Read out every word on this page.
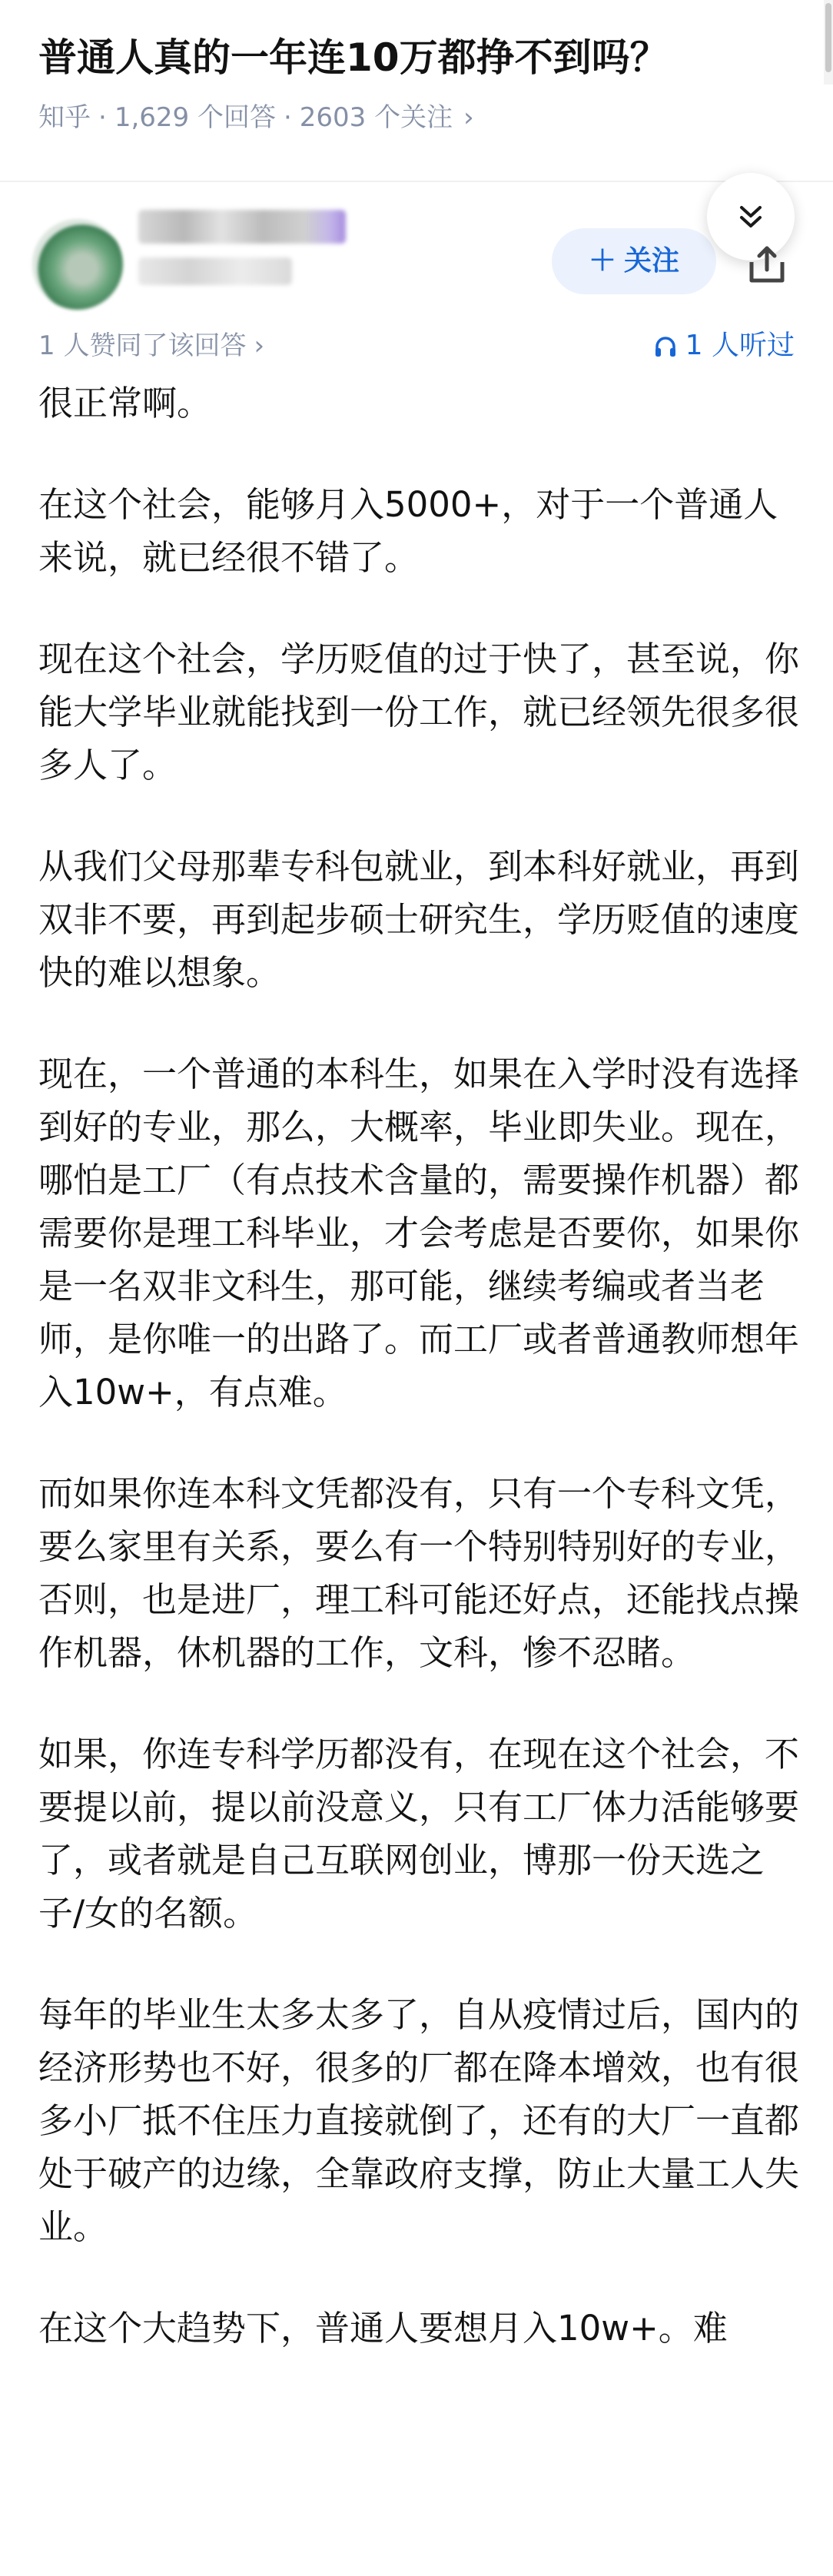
普通人真的一年连10万都挣不到吗？
知乎 · 1,629 个回答 · 2603 个关注 ›
＋ 关注
1 人赞同了该回答 ›	1 人听过

很正常啊。

在这个社会，能够月入5000+，对于一个普通人来说，就已经很不错了。

现在这个社会，学历贬值的过于快了，甚至说，你能大学毕业就能找到一份工作，就已经领先很多很多人了。

从我们父母那辈专科包就业，到本科好就业，再到双非不要，再到起步硕士研究生，学历贬值的速度快的难以想象。

现在，一个普通的本科生，如果在入学时没有选择到好的专业，那么，大概率，毕业即失业。现在，哪怕是工厂（有点技术含量的，需要操作机器）都需要你是理工科毕业，才会考虑是否要你，如果你是一名双非文科生，那可能，继续考编或者当老师，是你唯一的出路了。而工厂或者普通教师想年入10w+，有点难。

而如果你连本科文凭都没有，只有一个专科文凭，要么家里有关系，要么有一个特别特别好的专业，否则，也是进厂，理工科可能还好点，还能找点操作机器，休机器的工作，文科，惨不忍睹。

如果，你连专科学历都没有，在现在这个社会，不要提以前，提以前没意义，只有工厂体力活能够要了，或者就是自己互联网创业，博那一份天选之子/女的名额。

每年的毕业生太多太多了，自从疫情过后，国内的经济形势也不好，很多的厂都在降本增效，也有很多小厂抵不住压力直接就倒了，还有的大厂一直都处于破产的边缘，全靠政府支撑，防止大量工人失业。

在这个大趋势下，普通人要想月入10w+。难
